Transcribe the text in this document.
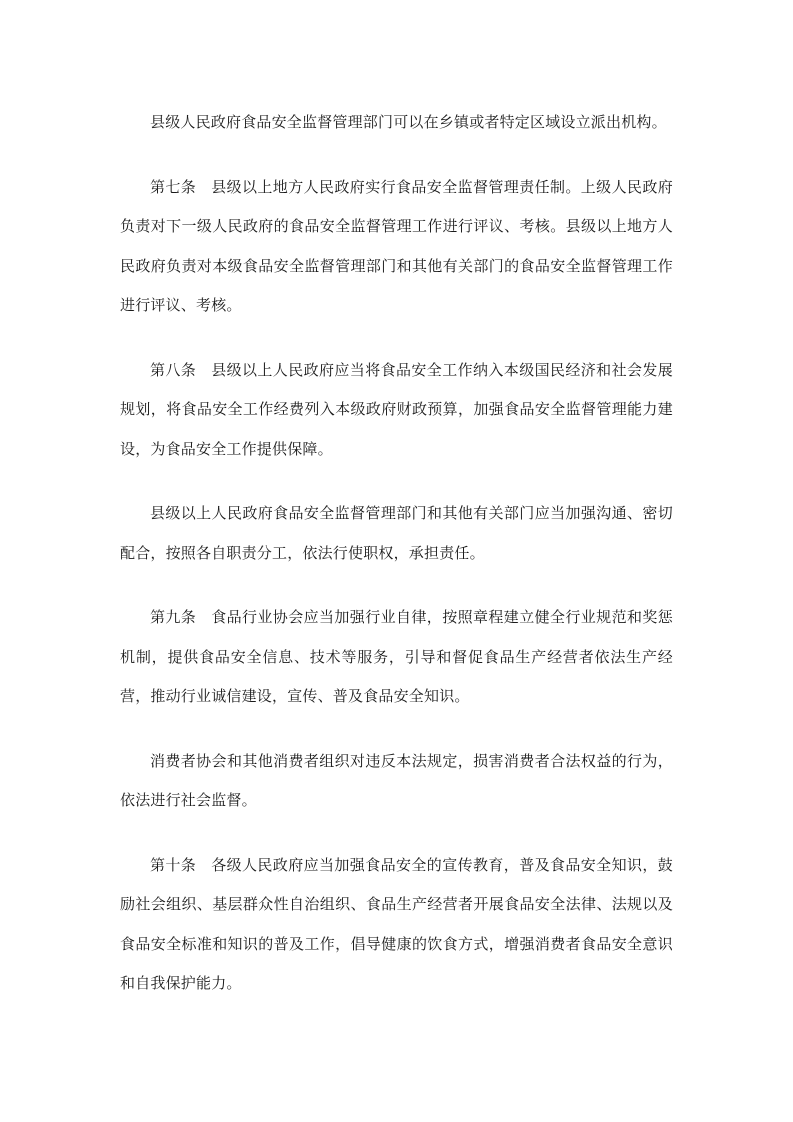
县级人民政府食品安全监督管理部门可以在乡镇或者特定区域设立派出机构。

第七条 县级以上地方人民政府实行食品安全监督管理责任制。上级人民政府负责对下一级人民政府的食品安全监督管理工作进行评议、考核。县级以上地方人民政府负责对本级食品安全监督管理部门和其他有关部门的食品安全监督管理工作进行评议、考核。

第八条 县级以上人民政府应当将食品安全工作纳入本级国民经济和社会发展规划，将食品安全工作经费列入本级政府财政预算，加强食品安全监督管理能力建设，为食品安全工作提供保障。

县级以上人民政府食品安全监督管理部门和其他有关部门应当加强沟通、密切配合，按照各自职责分工，依法行使职权，承担责任。

第九条 食品行业协会应当加强行业自律，按照章程建立健全行业规范和奖惩机制，提供食品安全信息、技术等服务，引导和督促食品生产经营者依法生产经营，推动行业诚信建设，宣传、普及食品安全知识。

消费者协会和其他消费者组织对违反本法规定，损害消费者合法权益的行为，依法进行社会监督。

第十条 各级人民政府应当加强食品安全的宣传教育，普及食品安全知识，鼓励社会组织、基层群众性自治组织、食品生产经营者开展食品安全法律、法规以及食品安全标准和知识的普及工作，倡导健康的饮食方式，增强消费者食品安全意识和自我保护能力。
